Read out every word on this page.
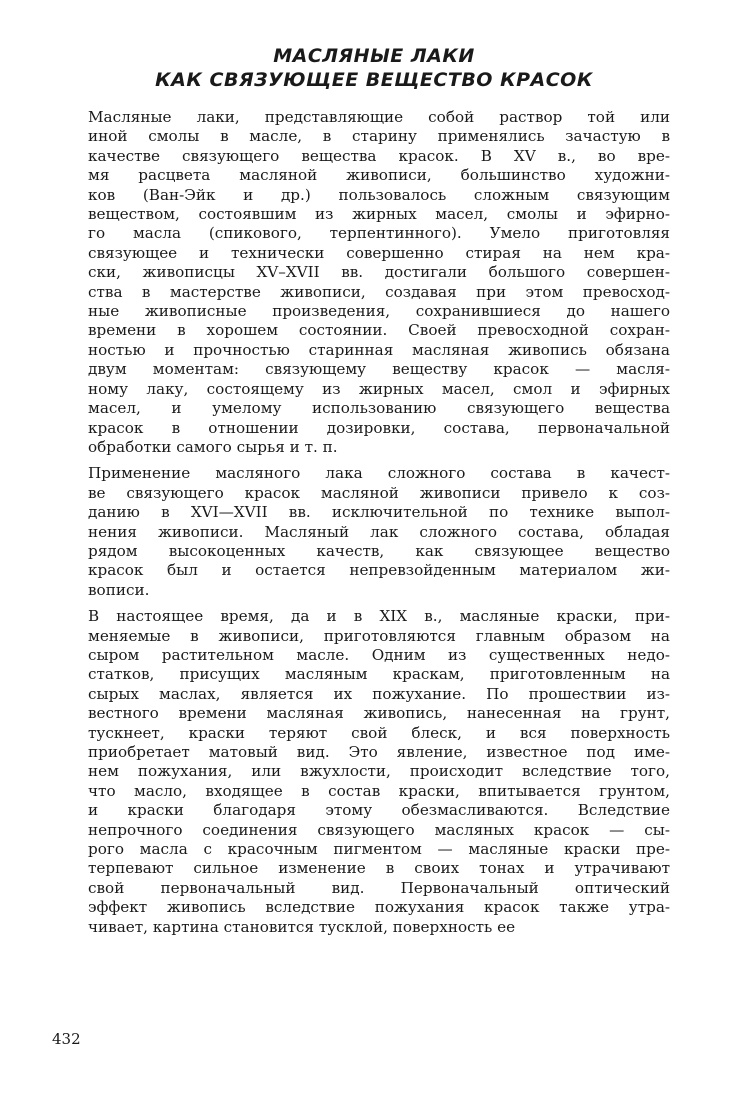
МАСЛЯНЫЕ ЛАКИ
КАК СВЯЗУЮЩЕЕ ВЕЩЕСТВО КРАСОК

Масляные лаки, представляющие собой раствор той или
иной смолы в масле, в старину применялись зачастую в
качестве связующего вещества красок. В XV в., во вре-
мя расцвета масляной живописи, большинство художни-
ков (Ван-Эйк и др.) пользовалось сложным связующим
веществом, состоявшим из жирных масел, смолы и эфирно-
го масла (спикового, терпентинного). Умело приготовляя
связующее и технически совершенно стирая на нем кра-
ски, живописцы XV–XVII вв. достигали большого совершен-
ства в мастерстве живописи, создавая при этом превосход-
ные живописные произведения, сохранившиеся до нашего
времени в хорошем состоянии. Своей превосходной сохран-
ностью и прочностью старинная масляная живопись обязана
двум моментам: связующему веществу красок — масля-
ному лаку, состоящему из жирных масел, смол и эфирных
масел, и умелому использованию связующего вещества
красок в отношении дозировки, состава, первоначальной
обработки самого сырья и т. п.

Применение масляного лака сложного состава в качест-
ве связующего красок масляной живописи привело к соз-
данию в XVI—XVII вв. исключительной по технике выпол-
нения живописи. Масляный лак сложного состава, обладая
рядом высокоценных качеств, как связующее вещество
красок был и остается непревзойденным материалом жи-
вописи.

В настоящее время, да и в XIX в., масляные краски, при-
меняемые в живописи, приготовляются главным образом на
сыром растительном масле. Одним из существенных недо-
статков, присущих масляным краскам, приготовленным на
сырых маслах, является их пожухание. По прошествии из-
вестного времени масляная живопись, нанесенная на грунт,
тускнеет, краски теряют свой блеск, и вся поверхность
приобретает матовый вид. Это явление, известное под име-
нем пожухания, или вжухлости, происходит вследствие того,
что масло, входящее в состав краски, впитывается грунтом,
и краски благодаря этому обезмасливаются. Вследствие
непрочного соединения связующего масляных красок — сы-
рого масла с красочным пигментом — масляные краски пре-
терпевают сильное изменение в своих тонах и утрачивают
свой первоначальный вид. Первоначальный оптический
эффект живопись вследствие пожухания красок также утра-
чивает, картина становится тусклой, поверхность ее

432
